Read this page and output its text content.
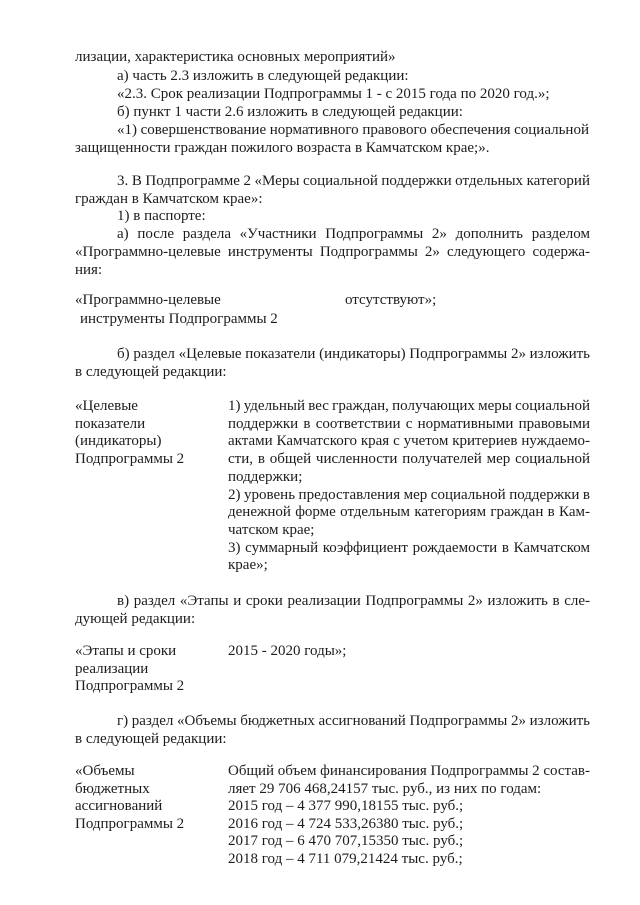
лизации, характеристика основных мероприятий»
а) часть 2.3 изложить в следующей редакции:
«2.3. Срок реализации Подпрограммы 1 - с 2015 года по 2020 год.»;
б) пункт 1 части 2.6 изложить в следующей редакции:
«1) совершенствование нормативного правового обеспечения социальной
защищенности граждан пожилого возраста в Камчатском крае;».
3. В Подпрограмме 2 «Меры социальной поддержки отдельных категорий
граждан в Камчатском крае»:
1) в паспорте:
а) после раздела «Участники Подпрограммы 2» дополнить разделом
«Программно-целевые инструменты Подпрограммы 2» следующего содержа-
ния:
«Программно-целевые
инструменты Подпрограммы 2
отсутствуют»;
б) раздел «Целевые показатели (индикаторы) Подпрограммы 2» изложить
в следующей редакции:
«Целевые
показатели
(индикаторы)
Подпрограммы 2
1) удельный вес граждан, получающих меры социальной
поддержки в соответствии с нормативными правовыми
актами Камчатского края с учетом критериев нуждаемо-
сти, в общей численности получателей мер социальной
поддержки;
2) уровень предоставления мер социальной поддержки в
денежной форме отдельным категориям граждан в Кам-
чатском крае;
3) суммарный коэффициент рождаемости в Камчатском
крае»;
в) раздел «Этапы и сроки реализации Подпрограммы 2» изложить в сле-
дующей редакции:
«Этапы и сроки
реализации
Подпрограммы 2
2015 - 2020 годы»;
г) раздел «Объемы бюджетных ассигнований Подпрограммы 2» изложить
в следующей редакции:
«Объемы
бюджетных
ассигнований
Подпрограммы 2
Общий объем финансирования Подпрограммы 2 состав-
ляет 29 706 468,24157 тыс. руб., из них по годам:
2015 год – 4 377 990,18155 тыс. руб.;
2016 год – 4 724 533,26380 тыс. руб.;
2017 год – 6 470 707,15350 тыс. руб.;
2018 год – 4 711 079,21424 тыс. руб.;
